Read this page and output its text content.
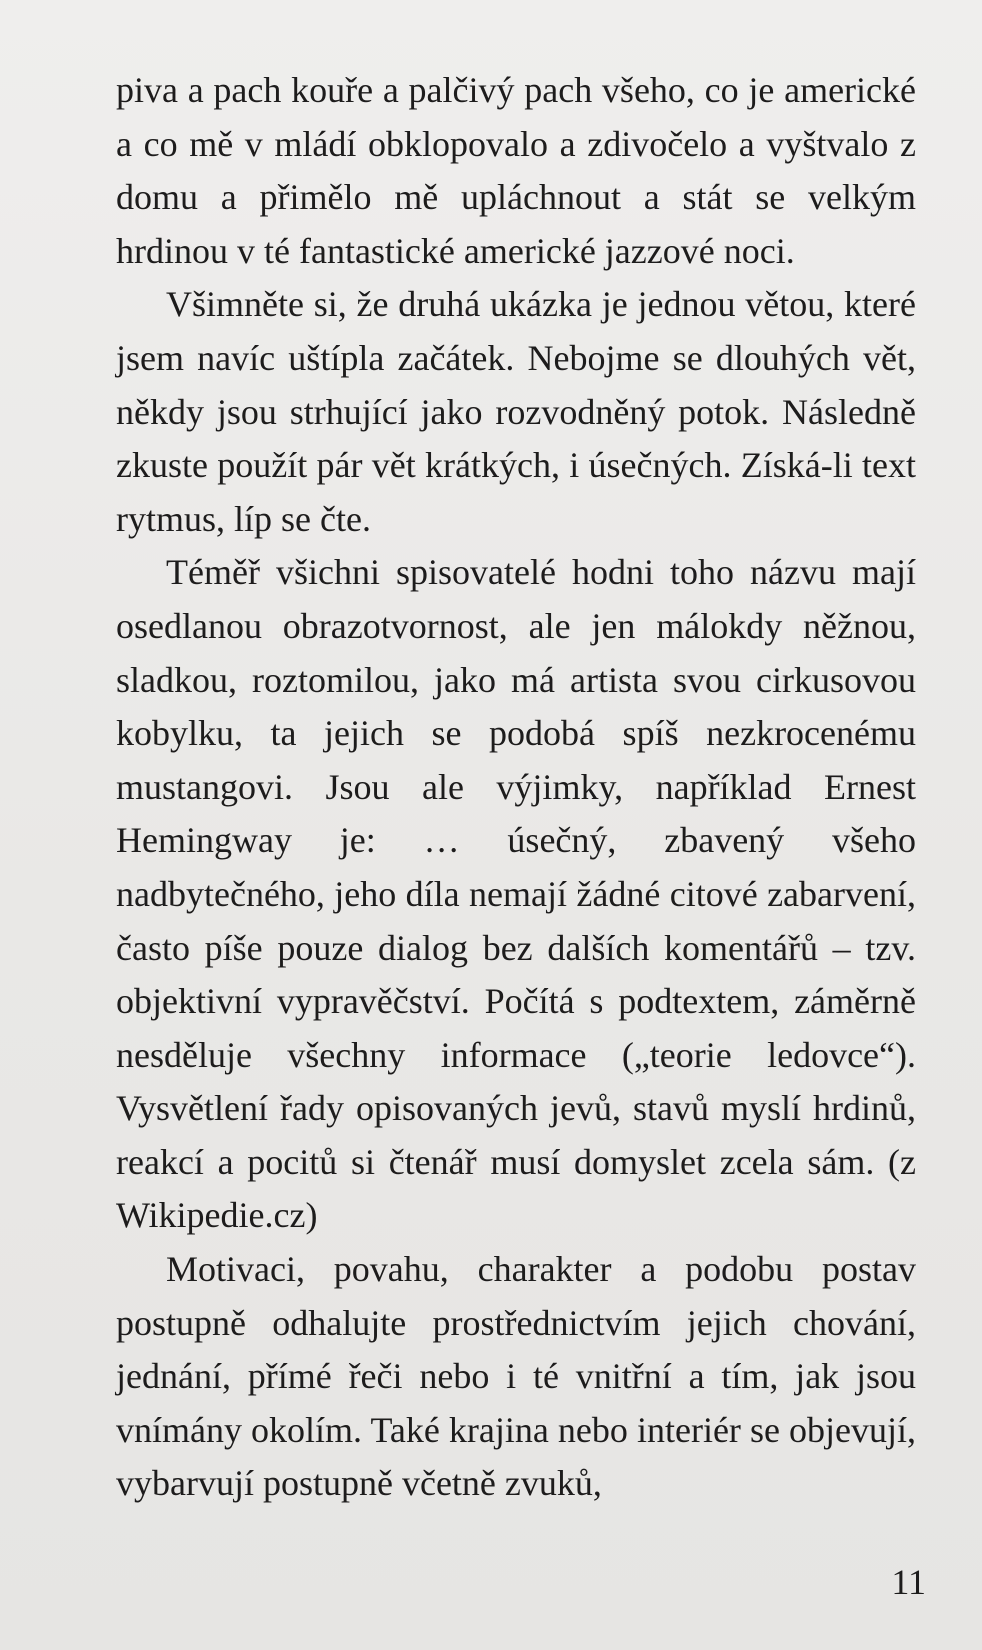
piva a pach kouře a palčivý pach všeho, co je americké a co mě v mládí obklopovalo a zdivočelo a vyštvalo z domu a přimělo mě upláchnout a stát se velkým hrdinou v té fantastické americké jazzové noci.

Všimněte si, že druhá ukázka je jednou větou, které jsem navíc uštípla začátek. Nebojme se dlouhých vět, někdy jsou strhující jako rozvodněný potok. Následně zkuste použít pár vět krátkých, i úsečných. Získá-li text rytmus, líp se čte.

Téměř všichni spisovatelé hodni toho názvu mají osedlanou obrazotvornost, ale jen málokdy něžnou, sladkou, roztomilou, jako má artista svou cirkusovou kobylku, ta jejich se podobá spíš nezkrocenému mustangovi. Jsou ale výjimky, například Ernest Hemingway je: … úsečný, zbavený všeho nadbytečného, jeho díla nemají žádné citové zabarvení, často píše pouze dialog bez dalších komentářů – tzv. objektivní vypravěčství. Počítá s podtextem, záměrně nesděluje všechny informace („teorie ledovce“). Vysvětlení řady opisovaných jevů, stavů myslí hrdinů, reakcí a pocitů si čtenář musí domyslet zcela sám. (z Wikipedie.cz)

Motivaci, povahu, charakter a podobu postav postupně odhalujte prostřednictvím jejich chování, jednání, přímé řeči nebo i té vnitřní a tím, jak jsou vnímány okolím. Také krajina nebo interiér se objevují, vybarvují postupně včetně zvuků,

11
